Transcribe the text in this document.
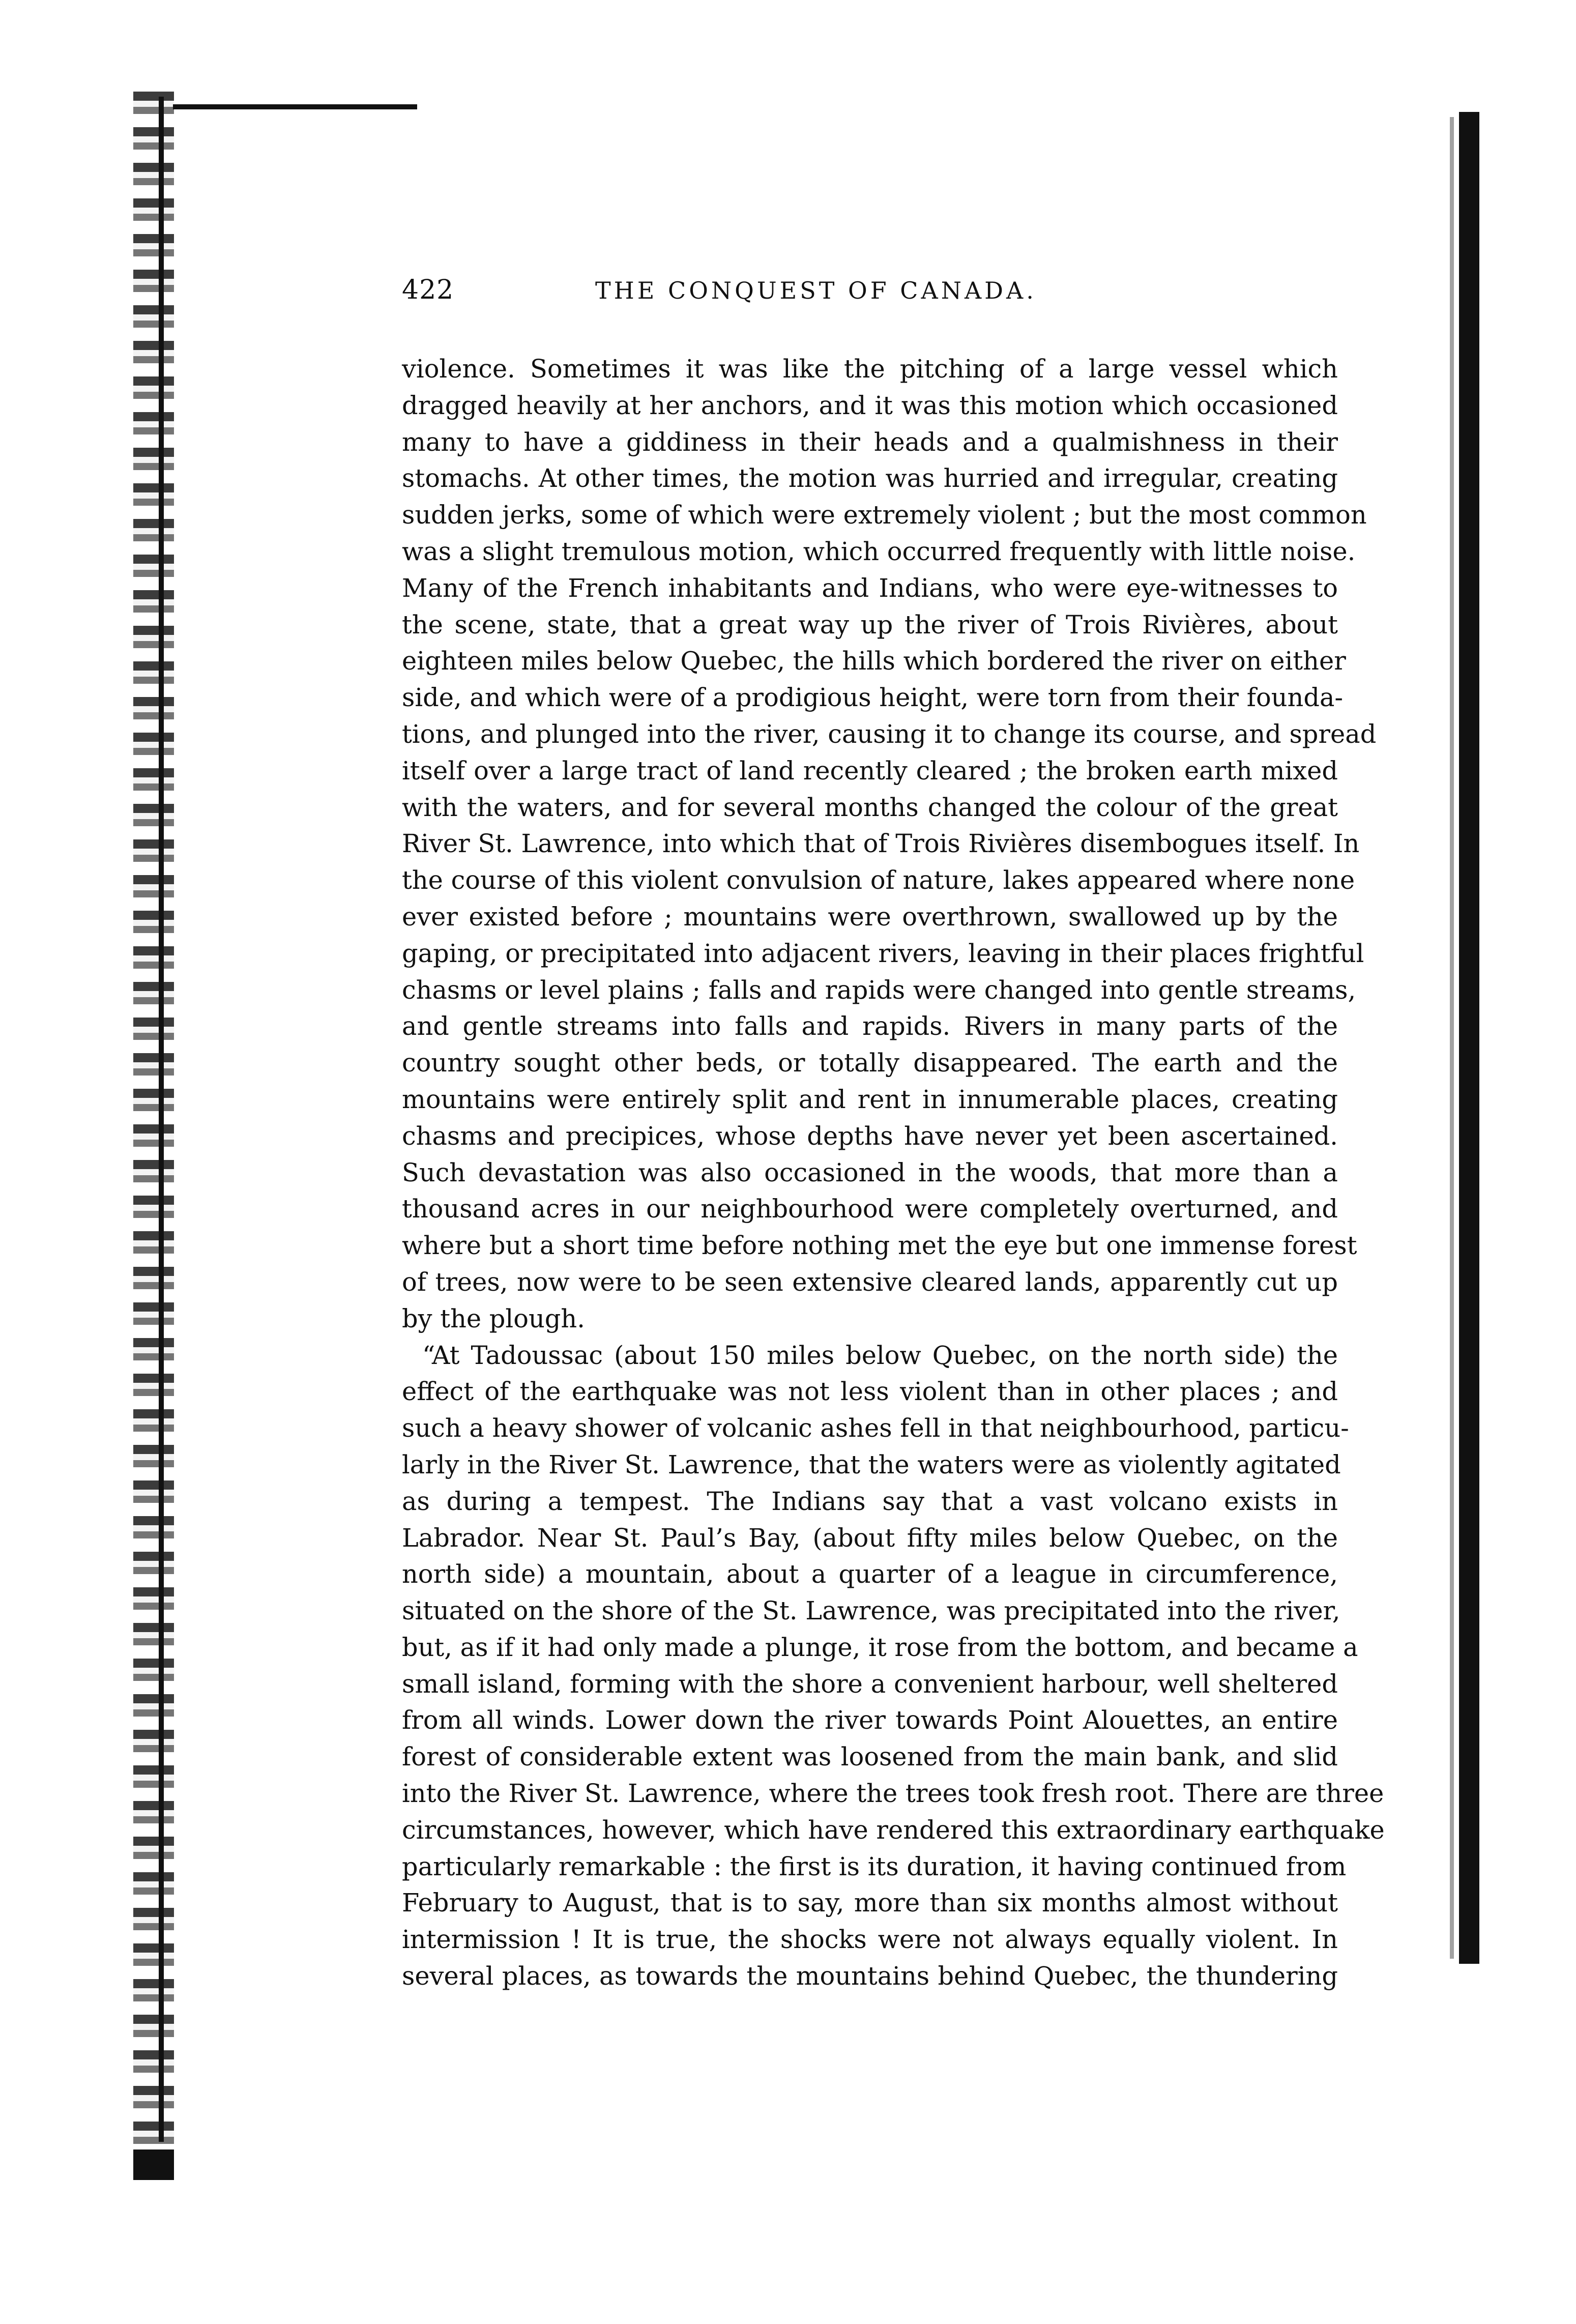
422	THE CONQUEST OF CANADA.
violence. Sometimes it was like the pitching of a large vessel which
dragged heavily at her anchors, and it was this motion which occasioned
many to have a giddiness in their heads and a qualmishness in their
stomachs. At other times, the motion was hurried and irregular, creating
sudden jerks, some of which were extremely violent ; but the most common
was a slight tremulous motion, which occurred frequently with little noise.
Many of the French inhabitants and Indians, who were eye-witnesses to
the scene, state, that a great way up the river of Trois Rivières, about
eighteen miles below Quebec, the hills which bordered the river on either
side, and which were of a prodigious height, were torn from their founda-
tions, and plunged into the river, causing it to change its course, and spread
itself over a large tract of land recently cleared ; the broken earth mixed
with the waters, and for several months changed the colour of the great
River St. Lawrence, into which that of Trois Rivières disembogues itself. In
the course of this violent convulsion of nature, lakes appeared where none
ever existed before ; mountains were overthrown, swallowed up by the
gaping, or precipitated into adjacent rivers, leaving in their places frightful
chasms or level plains ; falls and rapids were changed into gentle streams,
and gentle streams into falls and rapids. Rivers in many parts of the
country sought other beds, or totally disappeared. The earth and the
mountains were entirely split and rent in innumerable places, creating
chasms and precipices, whose depths have never yet been ascertained.
Such devastation was also occasioned in the woods, that more than a
thousand acres in our neighbourhood were completely overturned, and
where but a short time before nothing met the eye but one immense forest
of trees, now were to be seen extensive cleared lands, apparently cut up
by the plough.
“At Tadoussac (about 150 miles below Quebec, on the north side) the
effect of the earthquake was not less violent than in other places ; and
such a heavy shower of volcanic ashes fell in that neighbourhood, particu-
larly in the River St. Lawrence, that the waters were as violently agitated
as during a tempest. The Indians say that a vast volcano exists in
Labrador. Near St. Paul’s Bay, (about fifty miles below Quebec, on the
north side) a mountain, about a quarter of a league in circumference,
situated on the shore of the St. Lawrence, was precipitated into the river,
but, as if it had only made a plunge, it rose from the bottom, and became a
small island, forming with the shore a convenient harbour, well sheltered
from all winds. Lower down the river towards Point Alouettes, an entire
forest of considerable extent was loosened from the main bank, and slid
into the River St. Lawrence, where the trees took fresh root. There are three
circumstances, however, which have rendered this extraordinary earthquake
particularly remarkable : the first is its duration, it having continued from
February to August, that is to say, more than six months almost without
intermission ! It is true, the shocks were not always equally violent. In
several places, as towards the mountains behind Quebec, the thundering
